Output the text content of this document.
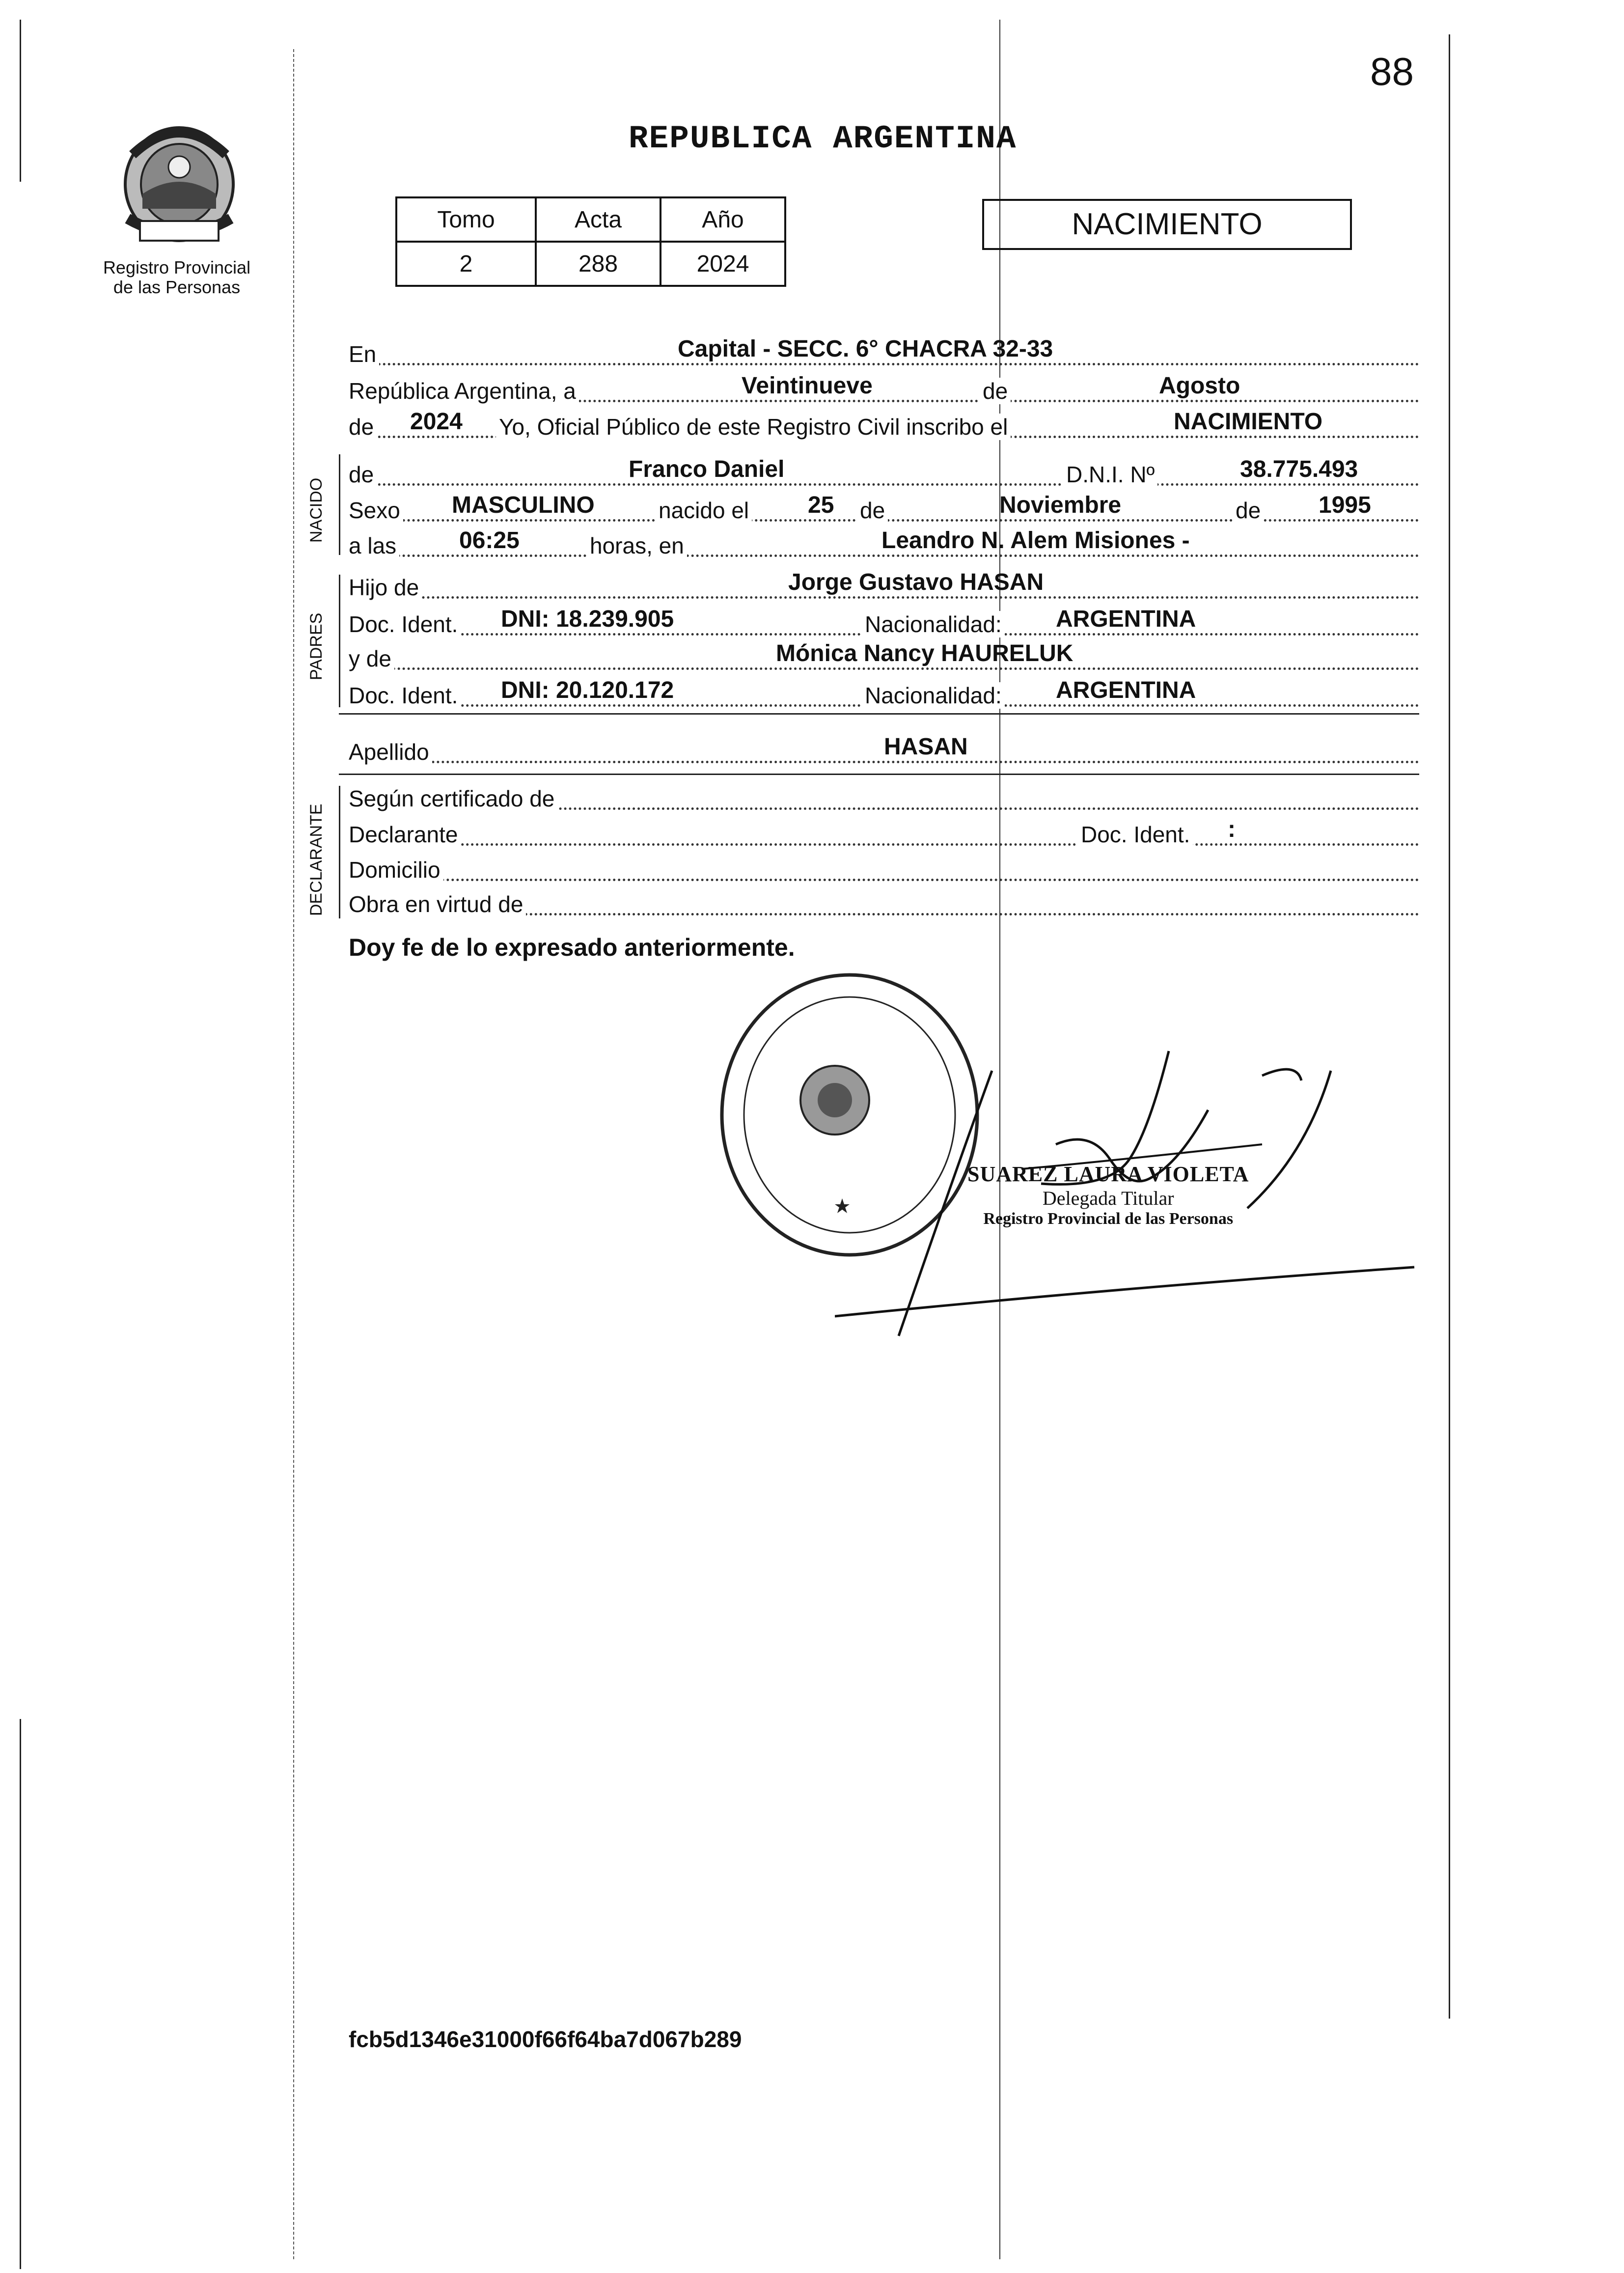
88
Registro Provincial
de las Personas
REPUBLICA ARGENTINA
Tomo	Acta	Año
2	288	2024
NACIMIENTO
En	Capital - SECC. 6° CHACRA 32-33
República Argentina, a	Veintinueve	de	Agosto
de 2024 Yo, Oficial Público de este Registro Civil inscribo el	NACIMIENTO
NACIDO
de	Franco Daniel	D.N.I. Nº	38.775.493
Sexo MASCULINO	nacido el 25 de	Noviembre	de 1995
a las	06:25	horas, en	Leandro N. Alem Misiones -
PADRES
Hijo de	Jorge Gustavo HASAN
Doc. Ident. DNI: 18.239.905	Nacionalidad: ARGENTINA
y de	Mónica Nancy HAURELUK
Doc. Ident. DNI: 20.120.172	Nacionalidad: ARGENTINA
Apellido	HASAN
DECLARANTE
Según certificado de
Declarante	Doc. Ident. :
Domicilio
Obra en virtud de
Doy fe de lo expresado anteriormente.
SUAREZ LAURA VIOLETA
Delegada Titular
Registro Provincial de las Personas
fcb5d1346e31000f66f64ba7d067b289
